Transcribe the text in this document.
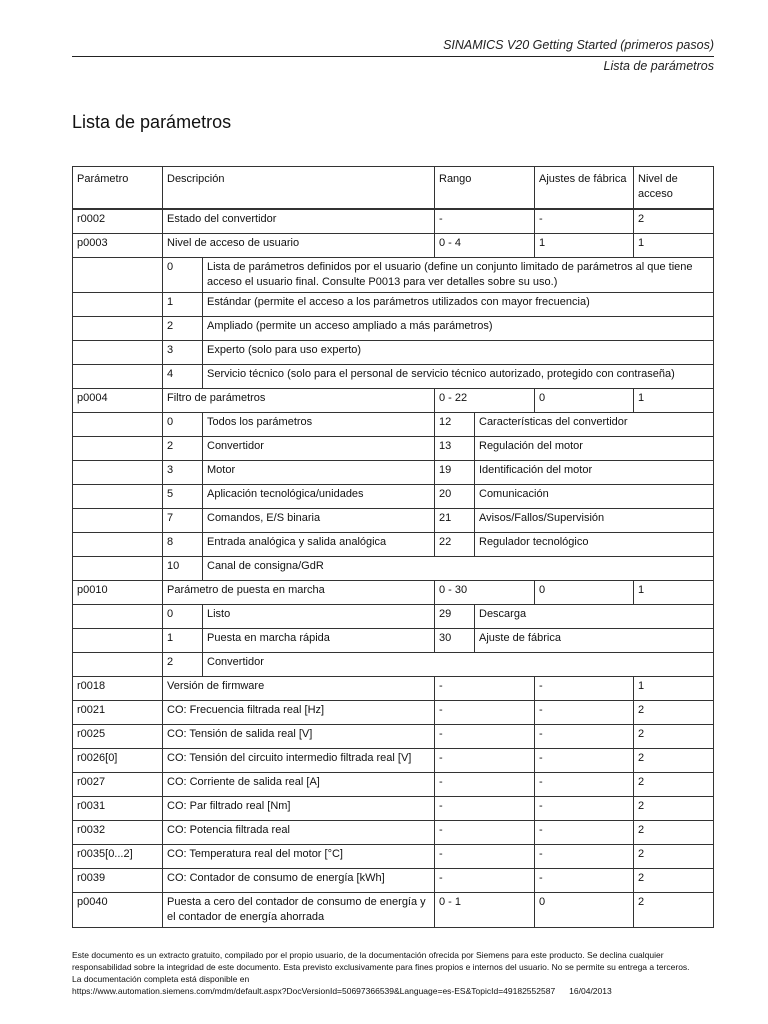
SINAMICS V20 Getting Started (primeros pasos)
Lista de parámetros
Lista de parámetros
Parámetro	Descripción		Rango		Ajustes de fábrica	Nivel de acceso
r0002	Estado del convertidor		-		-	2
p0003	Nivel de acceso de usuario		0 - 4		1	1
	0	Lista de parámetros definidos por el usuario (define un conjunto limitado de parámetros al que tiene acceso el usuario final. Consulte P0013 para ver detalles sobre su uso.)				
	1	Estándar (permite el acceso a los parámetros utilizados con mayor frecuencia)				
	2	Ampliado (permite un acceso ampliado a más parámetros)				
	3	Experto (solo para uso experto)				
	4	Servicio técnico (solo para el personal de servicio técnico autorizado, protegido con contraseña)				
p0004	Filtro de parámetros		0 - 22		0	1
	0	Todos los parámetros	12	Características del convertidor		
	2	Convertidor	13	Regulación del motor		
	3	Motor	19	Identificación del motor		
	5	Aplicación tecnológica/unidades	20	Comunicación		
	7	Comandos, E/S binaria	21	Avisos/Fallos/Supervisión		
	8	Entrada analógica y salida analógica	22	Regulador tecnológico		
	10	Canal de consigna/GdR				
p0010	Parámetro de puesta en marcha		0 - 30		0	1
	0	Listo	29	Descarga		
	1	Puesta en marcha rápida	30	Ajuste de fábrica		
	2	Convertidor				
r0018	Versión de firmware		-		-	1
r0021	CO: Frecuencia filtrada real [Hz]		-		-	2
r0025	CO: Tensión de salida real [V]		-		-	2
r0026[0]	CO: Tensión del circuito intermedio filtrada real [V]		-		-	2
r0027	CO: Corriente de salida real [A]		-		-	2
r0031	CO: Par filtrado real [Nm]		-		-	2
r0032	CO: Potencia filtrada real		-		-	2
r0035[0...2]	CO: Temperatura real del motor [°C]		-		-	2
r0039	CO: Contador de consumo de energía [kWh]		-		-	2
p0040	Puesta a cero del contador de consumo de energía y el contador de energía ahorrada		0 - 1		0	2
Este documento es un extracto gratuito, compilado por el propio usuario, de la documentación ofrecida por Siemens para este producto. Se declina cualquier responsabilidad sobre la integridad de este documento. Esta previsto exclusivamente para fines propios e internos del usuario. No se permite su entrega a terceros.
La documentación completa está disponible en
https://www.automation.siemens.com/mdm/default.aspx?DocVersionId=50697366539&Language=es-ES&TopicId=49182552587 16/04/2013
